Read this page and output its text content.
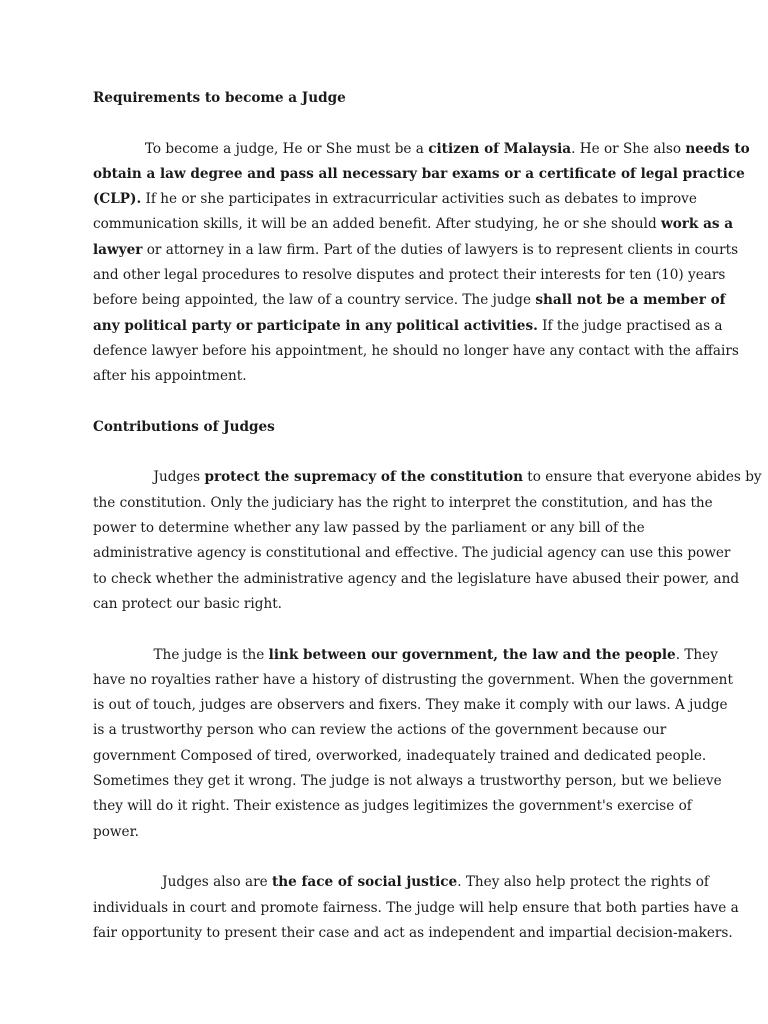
Requirements to become a Judge

To become a judge, He or She must be a citizen of Malaysia. He or She also needs to
obtain a law degree and pass all necessary bar exams or a certificate of legal practice
(CLP). If he or she participates in extracurricular activities such as debates to improve
communication skills, it will be an added benefit. After studying, he or she should work as a
lawyer or attorney in a law firm. Part of the duties of lawyers is to represent clients in courts
and other legal procedures to resolve disputes and protect their interests for ten (10) years
before being appointed, the law of a country service. The judge shall not be a member of
any political party or participate in any political activities. If the judge practised as a
defence lawyer before his appointment, he should no longer have any contact with the affairs
after his appointment.

Contributions of Judges

Judges protect the supremacy of the constitution to ensure that everyone abides by
the constitution. Only the judiciary has the right to interpret the constitution, and has the
power to determine whether any law passed by the parliament or any bill of the
administrative agency is constitutional and effective. The judicial agency can use this power
to check whether the administrative agency and the legislature have abused their power, and
can protect our basic right.

The judge is the link between our government, the law and the people. They
have no royalties rather have a history of distrusting the government. When the government
is out of touch, judges are observers and fixers. They make it comply with our laws. A judge
is a trustworthy person who can review the actions of the government because our
government Composed of tired, overworked, inadequately trained and dedicated people.
Sometimes they get it wrong. The judge is not always a trustworthy person, but we believe
they will do it right. Their existence as judges legitimizes the government's exercise of
power.

Judges also are the face of social justice. They also help protect the rights of
individuals in court and promote fairness. The judge will help ensure that both parties have a
fair opportunity to present their case and act as independent and impartial decision-makers.
